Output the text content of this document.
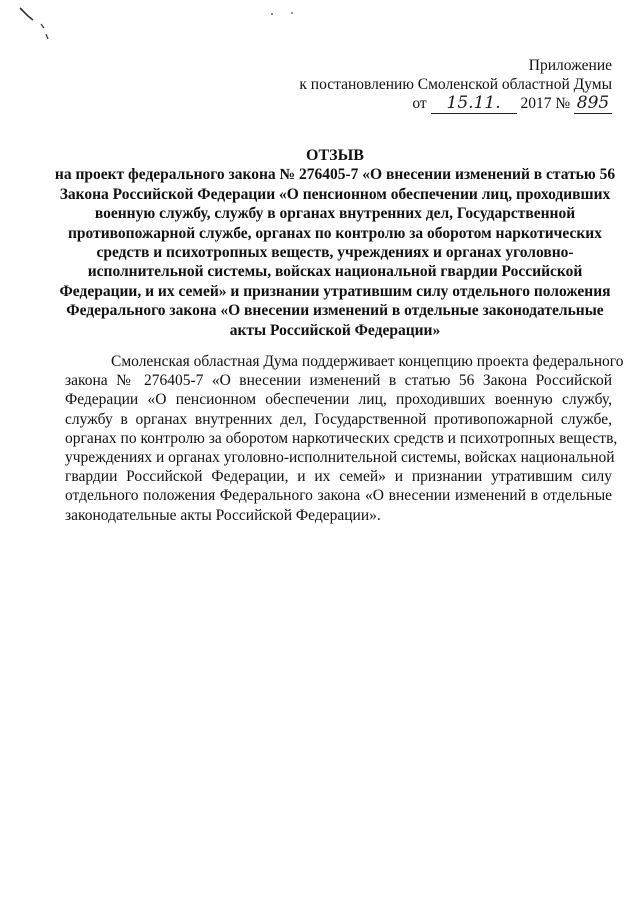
Приложение
к постановлению Смоленской областной Думы
от 15.11. 2017 № 895
ОТЗЫВ
на проект федерального закона № 276405-7 «О внесении изменений в статью 56
Закона Российской Федерации «О пенсионном обеспечении лиц, проходивших
военную службу, службу в органах внутренних дел, Государственной
противопожарной службе, органах по контролю за оборотом наркотических
средств и психотропных веществ, учреждениях и органах уголовно-
исполнительной системы, войсках национальной гвардии Российской
Федерации, и их семей» и признании утратившим силу отдельного положения
Федерального закона «О внесении изменений в отдельные законодательные
акты Российской Федерации»
Смоленская областная Дума поддерживает концепцию проекта федерального
закона № 276405-7 «О внесении изменений в статью 56 Закона Российской
Федерации «О пенсионном обеспечении лиц, проходивших военную службу,
службу в органах внутренних дел, Государственной противопожарной службе,
органах по контролю за оборотом наркотических средств и психотропных веществ,
учреждениях и органах уголовно-исполнительной системы, войсках национальной
гвардии Российской Федерации, и их семей» и признании утратившим силу
отдельного положения Федерального закона «О внесении изменений в отдельные
законодательные акты Российской Федерации».
